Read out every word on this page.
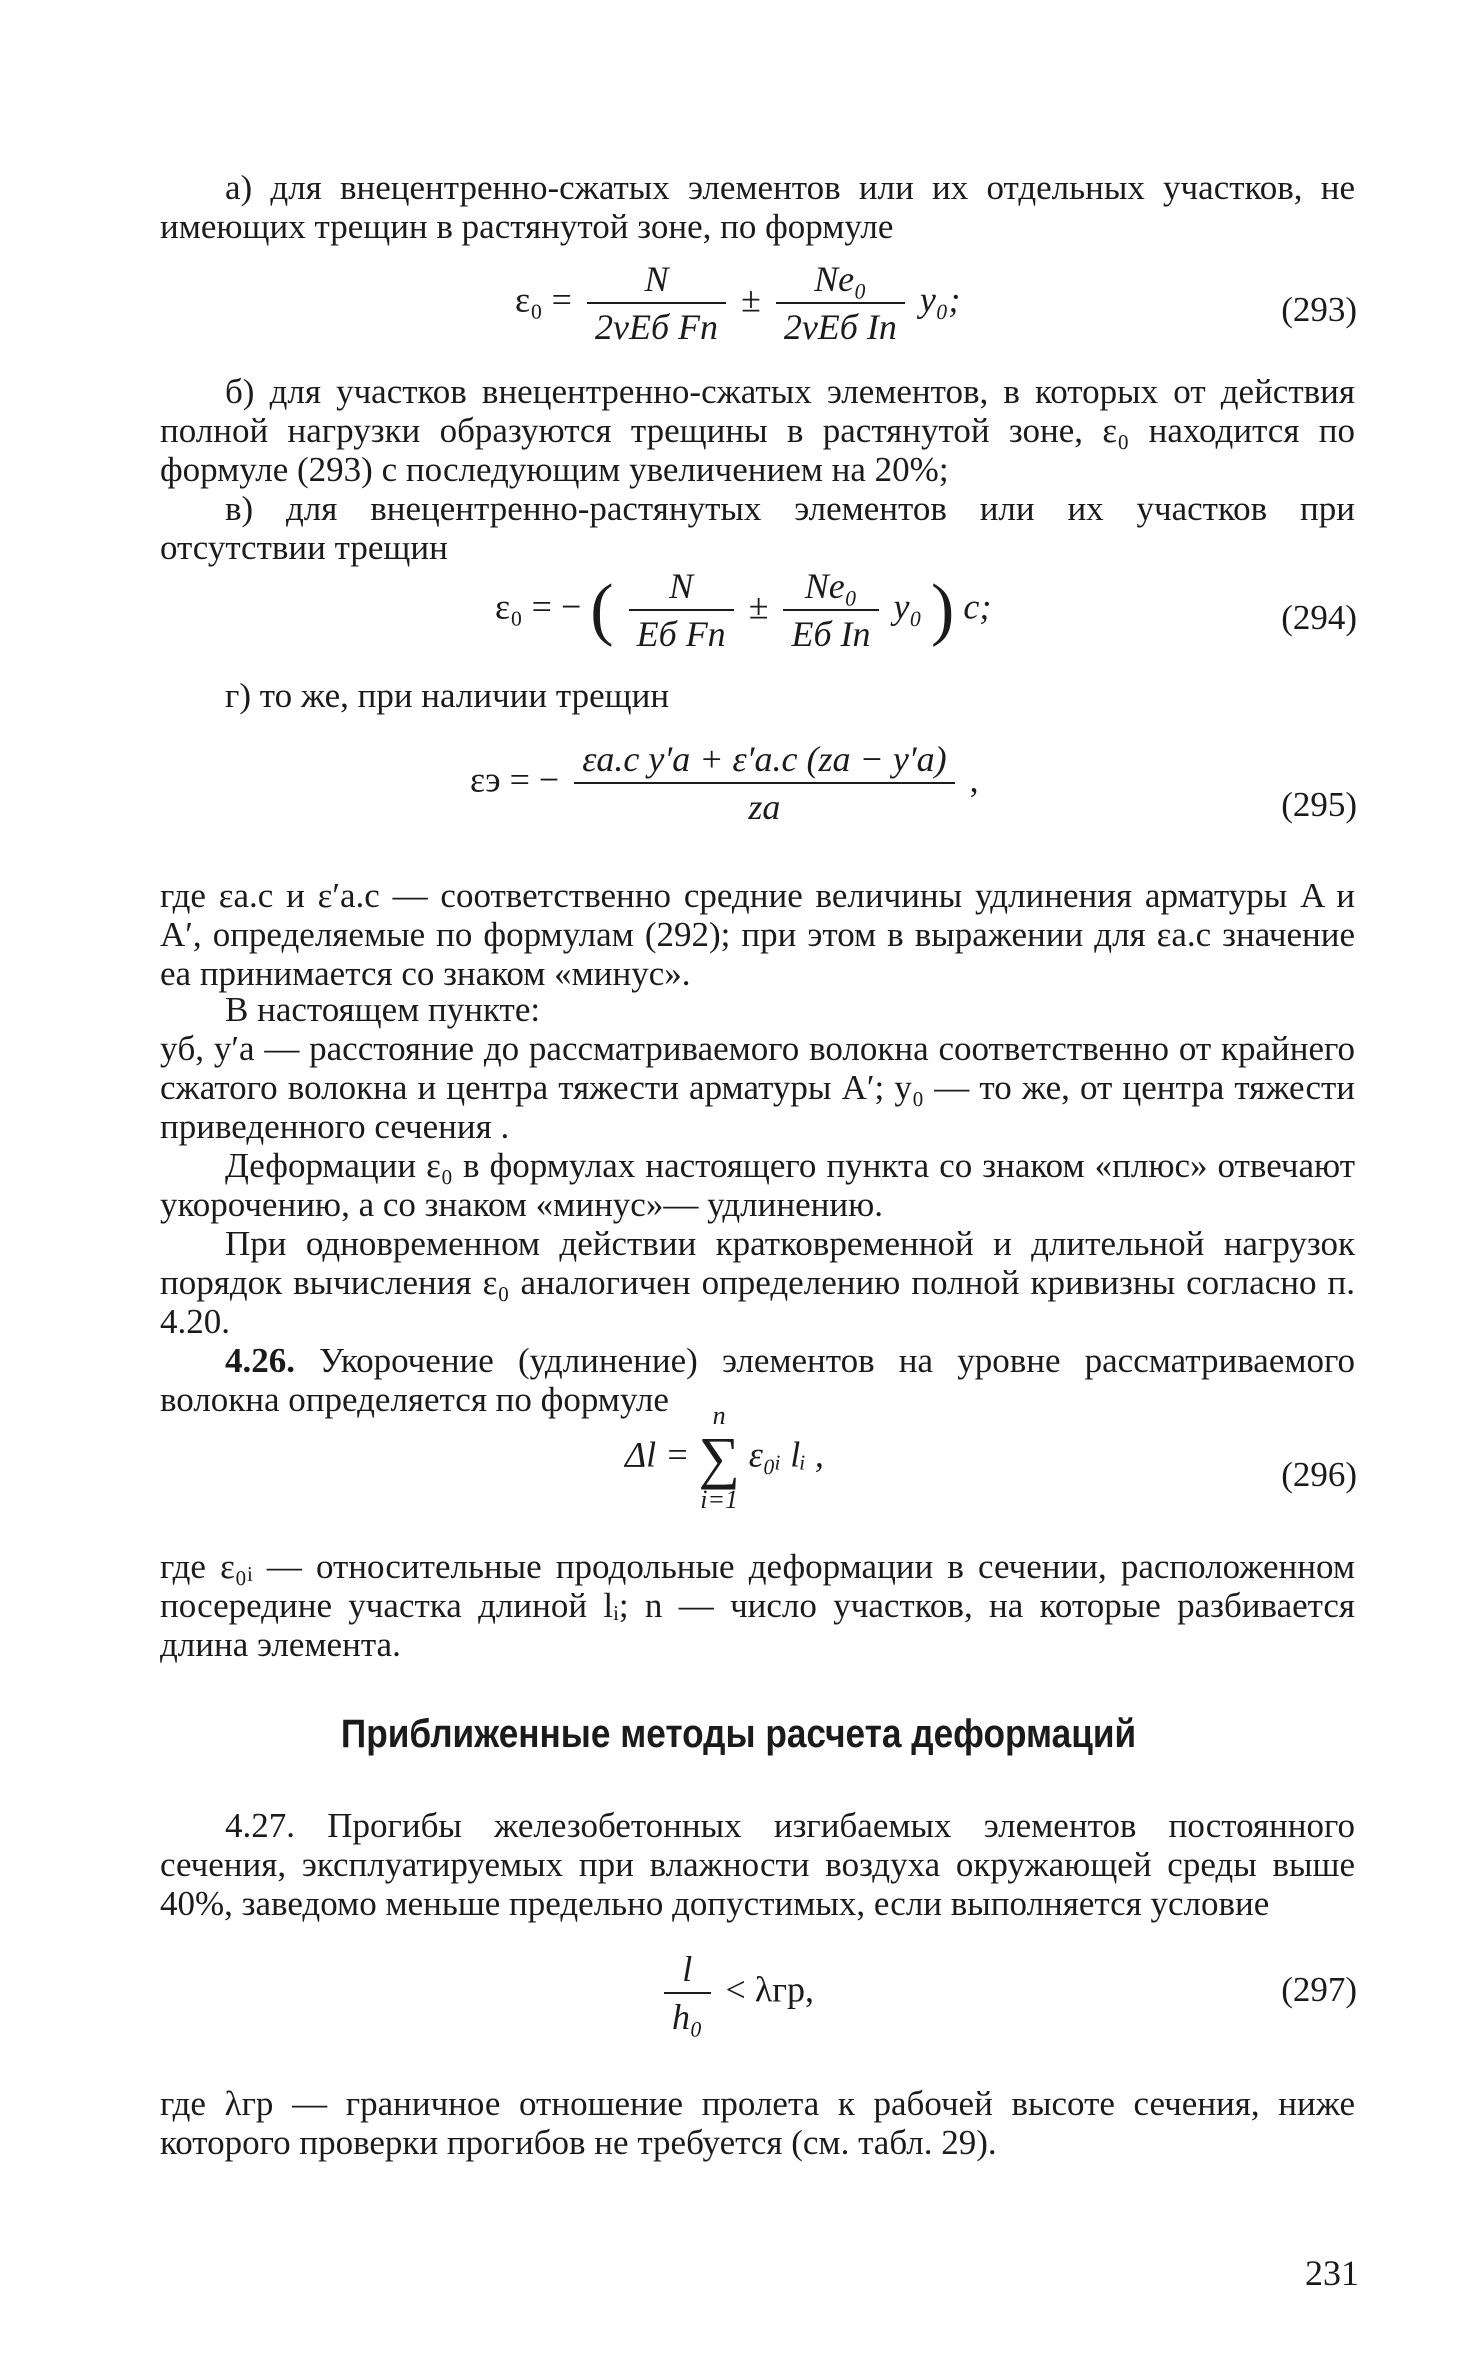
а) для внецентренно-сжатых элементов или их отдельных участков, не имеющих трещин в растянутой зоне, по формуле

$\varepsilon_0 = \frac{N}{\text{2νEб Fп}} \pm \frac{\text{Ne₀}}{\text{2νEб Iп}} y_0$;	(293)

б) для участков внецентренно-сжатых элементов, в которых от действия полной нагрузки образуются трещины в растянутой зоне, ε₀ находится по формуле (293) с последующим увеличением на 20%;

в) для внецентренно-растянутых элементов или их участков при отсутствии трещин

ε₀ = − ( $\frac{N}{\text{Eб Fп}} \pm \frac{\text{Ne₀}}{\text{Eб Iп}} y_0$ ) c;	(294)

г) то же, при наличии трещин

εэ = − $\frac{\text{εа.с y′а + ε′а.с (zа − y′а)}}{zа}$ ,
(295)

где εа.с и ε′а.с — соответственно средние величины удлинения арматуры A и A′, определяемые по формулам (292); при этом в выражении для εа.с значение eа принимается со знаком «минус».

В настоящем пункте:

yб, y′а — расстояние до рассматриваемого волокна соответственно от крайнего сжатого волокна и центра тяжести арматуры A′; y₀ — то же, от центра тяжести приведенного сечения .

Деформации ε₀ в формулах настоящего пункта со знаком «плюс» отвечают укорочению, а со знаком «минус»— удлинению.

При одновременном действии кратковременной и длительной нагрузок порядок вычисления ε₀ аналогичен определению полной кривизны согласно п. 4.20.

4.26. Укорочение (удлинение) элементов на уровне рассматриваемого волокна определяется по формуле

Δl =
n
∑
i=1
ε₀ᵢ lᵢ ,
(296)

где ε₀ᵢ — относительные продольные деформации в сечении, расположенном посередине участка длиной lᵢ; n — число участков, на которые разбивается длина элемента.

Приближенные методы расчета деформаций

4.27. Прогибы железобетонных изгибаемых элементов постоянного сечения, эксплуатируемых при влажности воздуха окружающей среды выше 40%, заведомо меньше предельно допустимых, если выполняется условие

$\frac{l}{\text{h₀}} < \lambda гр$,	(297)

где λгр — граничное отношение пролета к рабочей высоте сечения, ниже которого проверки прогибов не требуется (см. табл. 29).

231
